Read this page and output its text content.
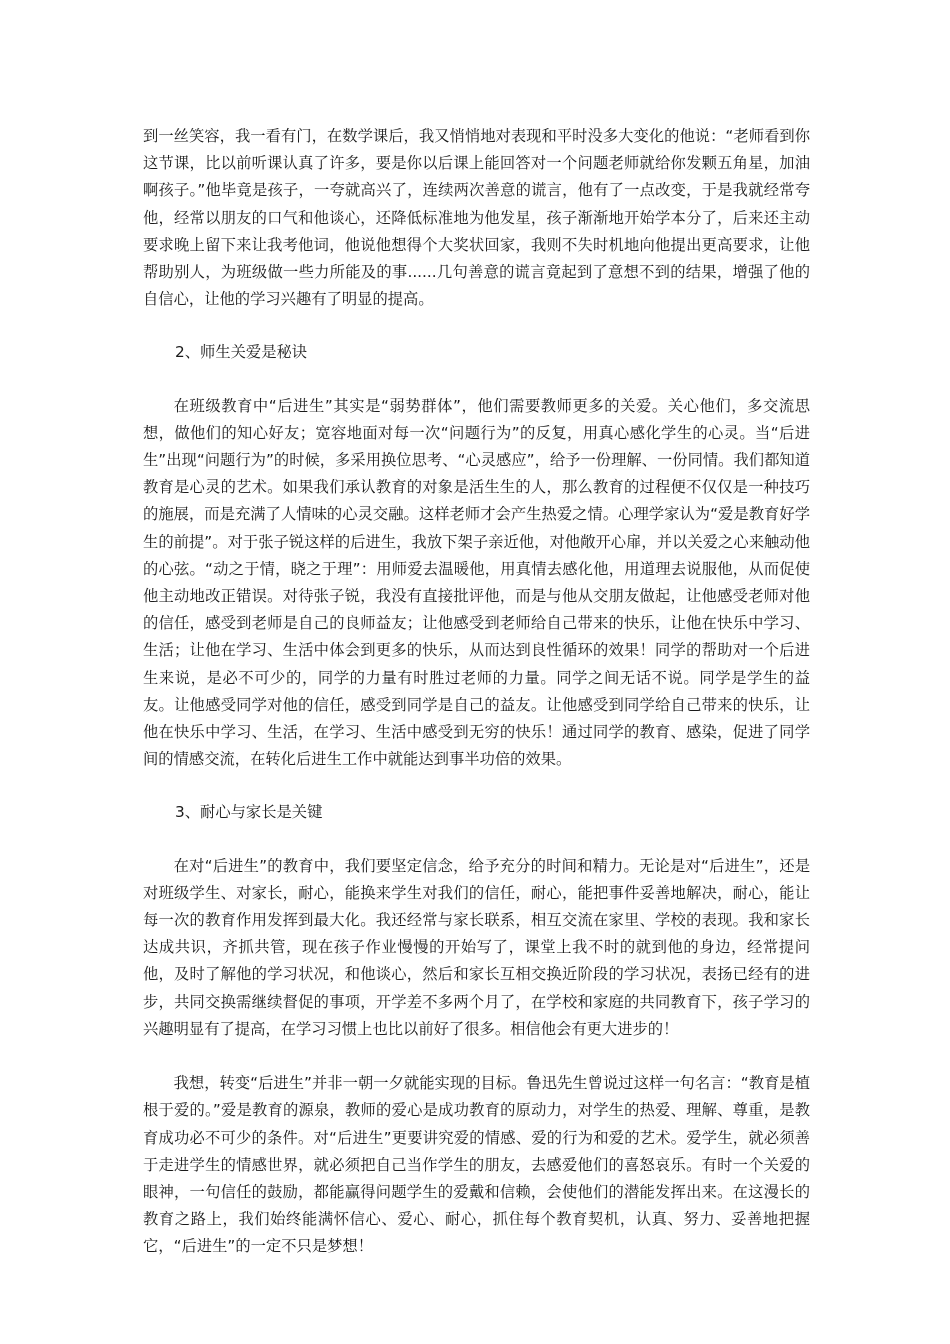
到一丝笑容，我一看有门，在数学课后，我又悄悄地对表现和平时没多大变化的他说：“老师看到你这节课，比以前听课认真了许多，要是你以后课上能回答对一个问题老师就给你发颗五角星，加油啊孩子。”他毕竟是孩子，一夸就高兴了，连续两次善意的谎言，他有了一点改变，于是我就经常夸他，经常以朋友的口气和他谈心，还降低标准地为他发星，孩子渐渐地开始学本分了，后来还主动要求晚上留下来让我考他词，他说他想得个大奖状回家，我则不失时机地向他提出更高要求，让他帮助别人，为班级做一些力所能及的事......几句善意的谎言竟起到了意想不到的结果，增强了他的自信心，让他的学习兴趣有了明显的提高。

2、师生关爱是秘诀

在班级教育中“后进生”其实是“弱势群体”，他们需要教师更多的关爱。关心他们，多交流思想，做他们的知心好友；宽容地面对每一次“问题行为”的反复，用真心感化学生的心灵。当“后进生”出现“问题行为”的时候，多采用换位思考、“心灵感应”，给予一份理解、一份同情。我们都知道教育是心灵的艺术。如果我们承认教育的对象是活生生的人，那么教育的过程便不仅仅是一种技巧的施展，而是充满了人情味的心灵交融。这样老师才会产生热爱之情。心理学家认为“爱是教育好学生的前提”。对于张子锐这样的后进生，我放下架子亲近他，对他敞开心扉，并以关爱之心来触动他的心弦。“动之于情，晓之于理”：用师爱去温暖他，用真情去感化他，用道理去说服他，从而促使他主动地改正错误。对待张子锐，我没有直接批评他，而是与他从交朋友做起，让他感受老师对他的信任，感受到老师是自己的良师益友；让他感受到老师给自己带来的快乐，让他在快乐中学习、生活；让他在学习、生活中体会到更多的快乐，从而达到良性循环的效果！同学的帮助对一个后进生来说，是必不可少的，同学的力量有时胜过老师的力量。同学之间无话不说。同学是学生的益友。让他感受同学对他的信任，感受到同学是自己的益友。让他感受到同学给自己带来的快乐，让他在快乐中学习、生活，在学习、生活中感受到无穷的快乐！通过同学的教育、感染，促进了同学间的情感交流，在转化后进生工作中就能达到事半功倍的效果。

3、耐心与家长是关键

在对“后进生”的教育中，我们要坚定信念，给予充分的时间和精力。无论是对“后进生”，还是对班级学生、对家长，耐心，能换来学生对我们的信任，耐心，能把事件妥善地解决，耐心，能让每一次的教育作用发挥到最大化。我还经常与家长联系，相互交流在家里、学校的表现。我和家长达成共识，齐抓共管，现在孩子作业慢慢的开始写了，课堂上我不时的就到他的身边，经常提问他，及时了解他的学习状况，和他谈心，然后和家长互相交换近阶段的学习状况，表扬已经有的进步，共同交换需继续督促的事项，开学差不多两个月了，在学校和家庭的共同教育下，孩子学习的兴趣明显有了提高，在学习习惯上也比以前好了很多。相信他会有更大进步的！

我想，转变“后进生”并非一朝一夕就能实现的目标。鲁迅先生曾说过这样一句名言：“教育是植根于爱的。”爱是教育的源泉，教师的爱心是成功教育的原动力，对学生的热爱、理解、尊重，是教育成功必不可少的条件。对“后进生”更要讲究爱的情感、爱的行为和爱的艺术。爱学生，就必须善于走进学生的情感世界，就必须把自己当作学生的朋友，去感爱他们的喜怒哀乐。有时一个关爱的眼神，一句信任的鼓励，都能赢得问题学生的爱戴和信赖，会使他们的潜能发挥出来。在这漫长的教育之路上，我们始终能满怀信心、爱心、耐心，抓住每个教育契机，认真、努力、妥善地把握它，“后进生”的一定不只是梦想！
